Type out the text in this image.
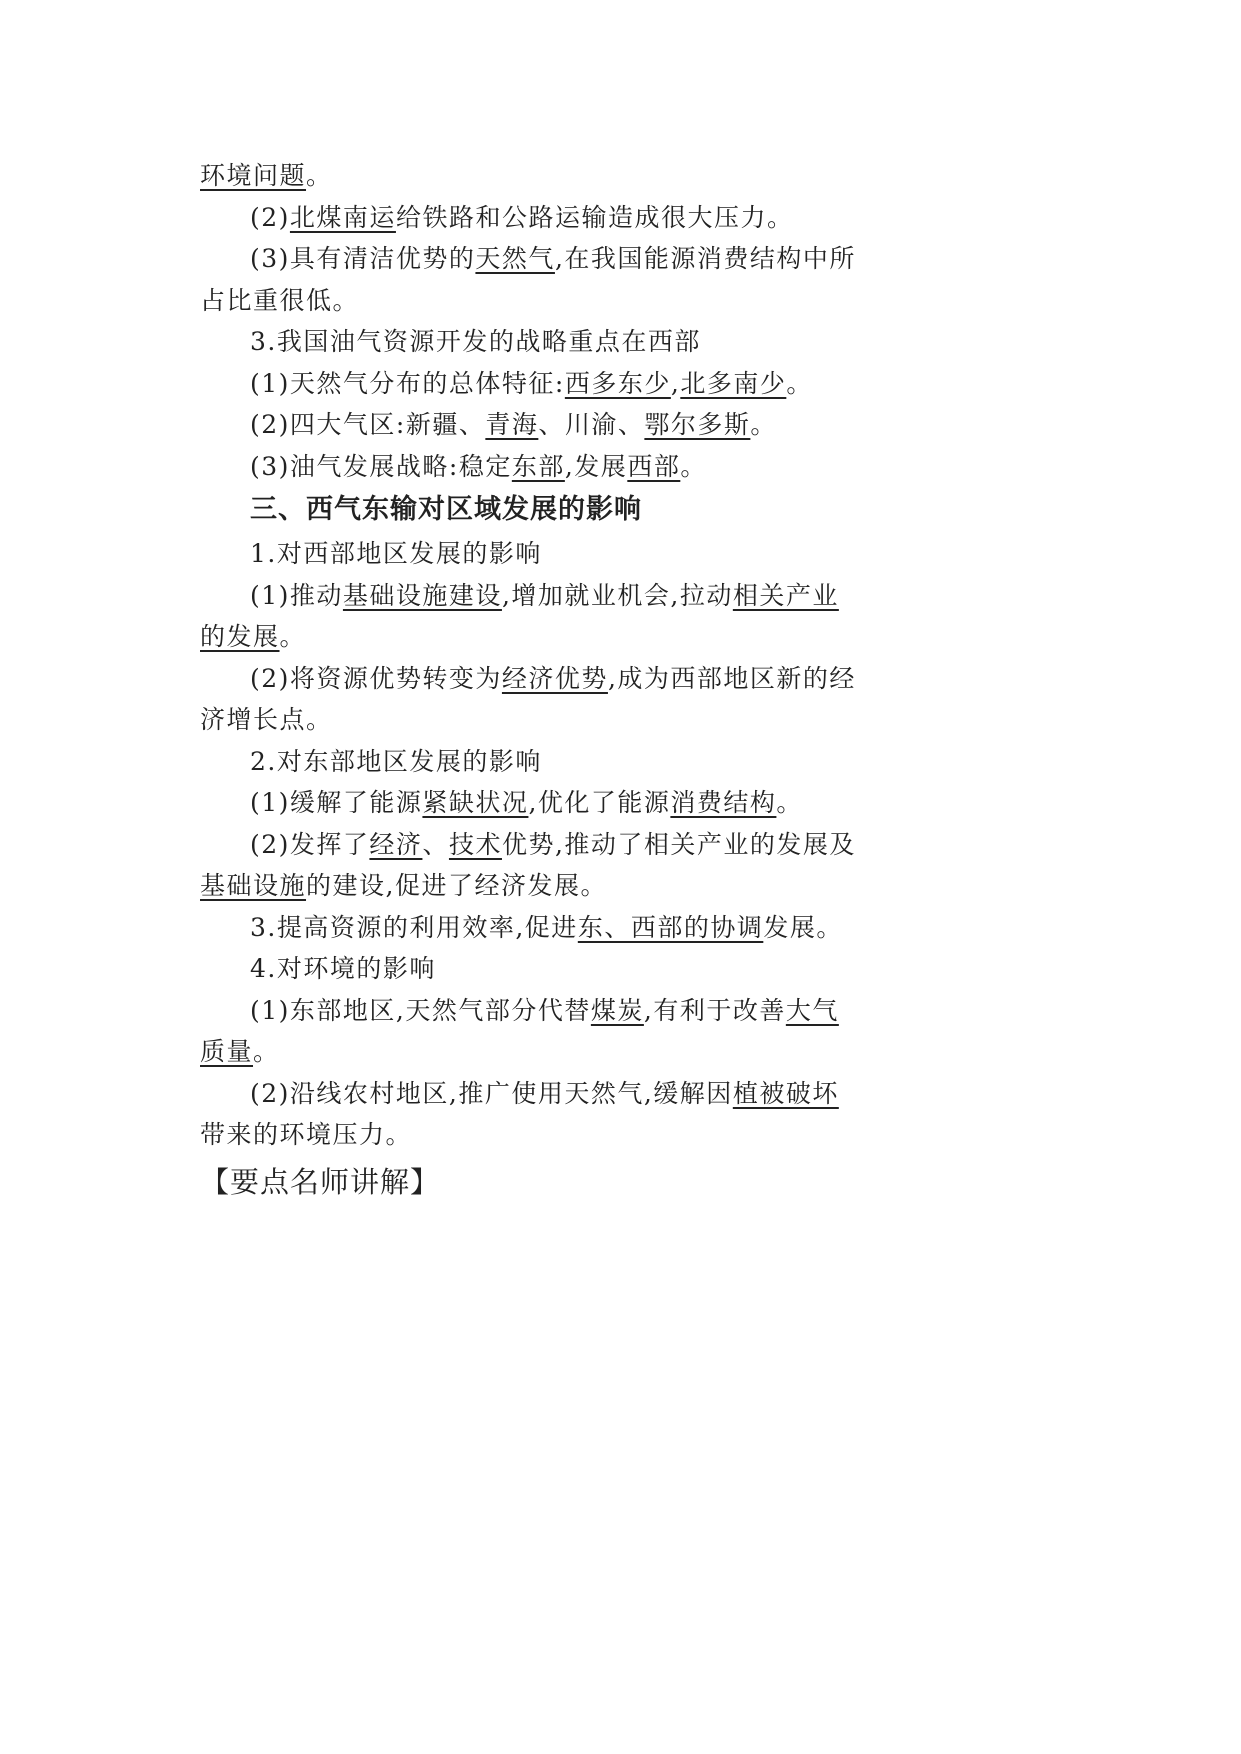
环境问题。
(2)北煤南运给铁路和公路运输造成很大压力。
(3)具有清洁优势的天然气,在我国能源消费结构中所
占比重很低。
3.我国油气资源开发的战略重点在西部
(1)天然气分布的总体特征:西多东少,北多南少。
(2)四大气区:新疆、青海、川渝、鄂尔多斯。
(3)油气发展战略:稳定东部,发展西部。
三、西气东输对区域发展的影响
1.对西部地区发展的影响
(1)推动基础设施建设,增加就业机会,拉动相关产业
的发展。
(2)将资源优势转变为经济优势,成为西部地区新的经
济增长点。
2.对东部地区发展的影响
(1)缓解了能源紧缺状况,优化了能源消费结构。
(2)发挥了经济、技术优势,推动了相关产业的发展及
基础设施的建设,促进了经济发展。
3.提高资源的利用效率,促进东、西部的协调发展。
4.对环境的影响
(1)东部地区,天然气部分代替煤炭,有利于改善大气
质量。
(2)沿线农村地区,推广使用天然气,缓解因植被破坏
带来的环境压力。
【要点名师讲解】
